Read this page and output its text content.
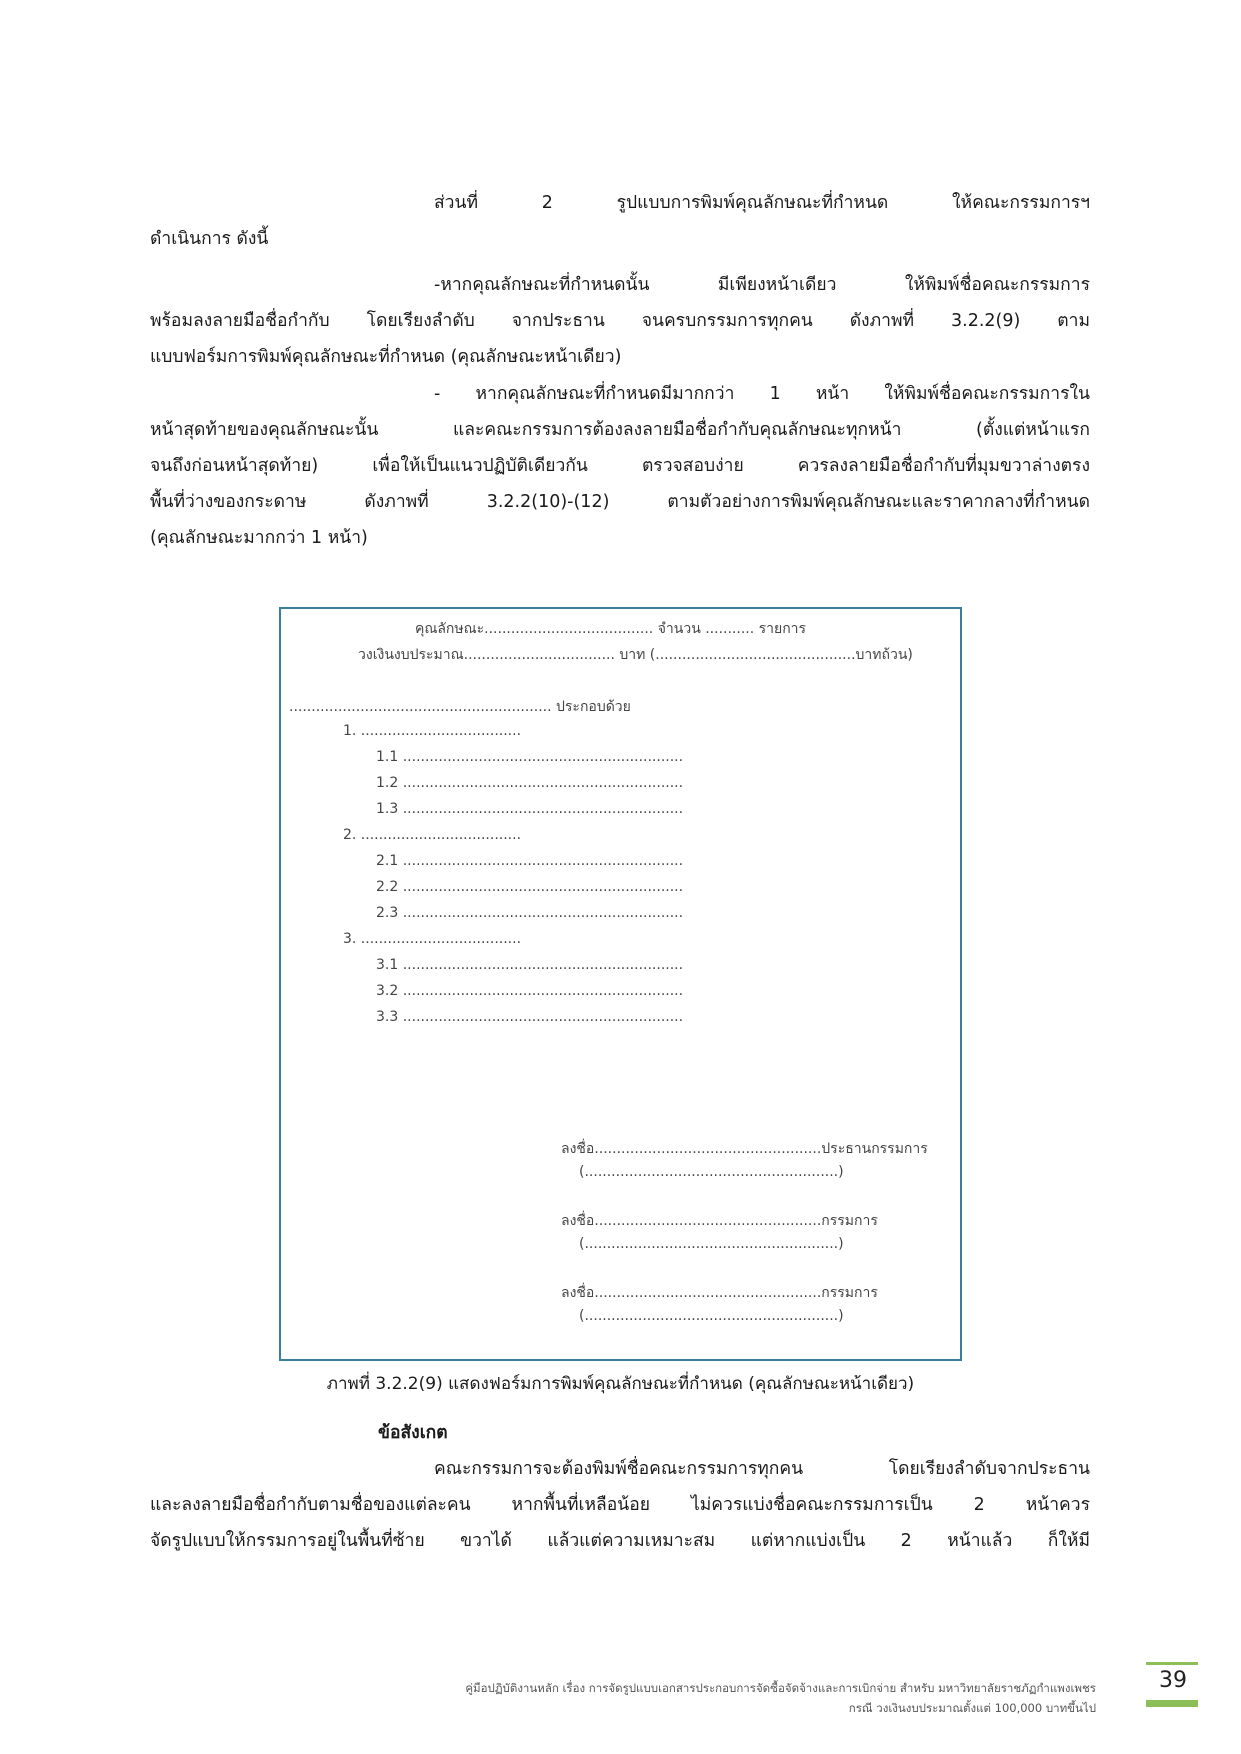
ส่วนที่ 2 รูปแบบการพิมพ์คุณลักษณะที่กำหนด ให้คณะกรรมการฯ
ดำเนินการ ดังนี้
-หากคุณลักษณะที่กำหนดนั้น มีเพียงหน้าเดียว ให้พิมพ์ชื่อคณะกรรมการ
พร้อมลงลายมือชื่อกำกับ โดยเรียงลำดับ จากประธาน จนครบกรรมการทุกคน ดังภาพที่ 3.2.2(9) ตาม
แบบฟอร์มการพิมพ์คุณลักษณะที่กำหนด (คุณลักษณะหน้าเดียว)
- หากคุณลักษณะที่กำหนดมีมากกว่า 1 หน้า ให้พิมพ์ชื่อคณะกรรมการใน
หน้าสุดท้ายของคุณลักษณะนั้น และคณะกรรมการต้องลงลายมือชื่อกำกับคุณลักษณะทุกหน้า (ตั้งแต่หน้าแรก
จนถึงก่อนหน้าสุดท้าย) เพื่อให้เป็นแนวปฏิบัติเดียวกัน ตรวจสอบง่าย ควรลงลายมือชื่อกำกับที่มุมขวาล่างตรง
พื้นที่ว่างของกระดาษ ดังภาพที่ 3.2.2(10)-(12) ตามตัวอย่างการพิมพ์คุณลักษณะและราคากลางที่กำหนด
(คุณลักษณะมากกว่า 1 หน้า)
คุณลักษณะ...................................... จำนวน ........... รายการ
วงเงินงบประมาณ.................................. บาท (.............................................บาทถ้วน)
........................................................... ประกอบด้วย
1. ....................................
1.1 ...............................................................
1.2 ...............................................................
1.3 ...............................................................
2. ....................................
2.1 ...............................................................
2.2 ...............................................................
2.3 ...............................................................
3. ....................................
3.1 ...............................................................
3.2 ...............................................................
3.3 ...............................................................
ลงชื่อ...................................................ประธานกรรมการ
(.........................................................)
ลงชื่อ...................................................กรรมการ
(.........................................................)
ลงชื่อ...................................................กรรมการ
(.........................................................)
ภาพที่ 3.2.2(9) แสดงฟอร์มการพิมพ์คุณลักษณะที่กำหนด (คุณลักษณะหน้าเดียว)
ข้อสังเกต
คณะกรรมการจะต้องพิมพ์ชื่อคณะกรรมการทุกคน โดยเรียงลำดับจากประธาน
และลงลายมือชื่อกำกับตามชื่อของแต่ละคน หากพื้นที่เหลือน้อย ไม่ควรแบ่งชื่อคณะกรรมการเป็น 2 หน้าควร
จัดรูปแบบให้กรรมการอยู่ในพื้นที่ซ้าย ขวาได้ แล้วแต่ความเหมาะสม แต่หากแบ่งเป็น 2 หน้าแล้ว ก็ให้มี
คู่มือปฏิบัติงานหลัก เรื่อง การจัดรูปแบบเอกสารประกอบการจัดซื้อจัดจ้างและการเบิกจ่าย สำหรับ มหาวิทยาลัยราชภัฏกำแพงเพชร
กรณี วงเงินงบประมาณตั้งแต่ 100,000 บาทขึ้นไป
39
